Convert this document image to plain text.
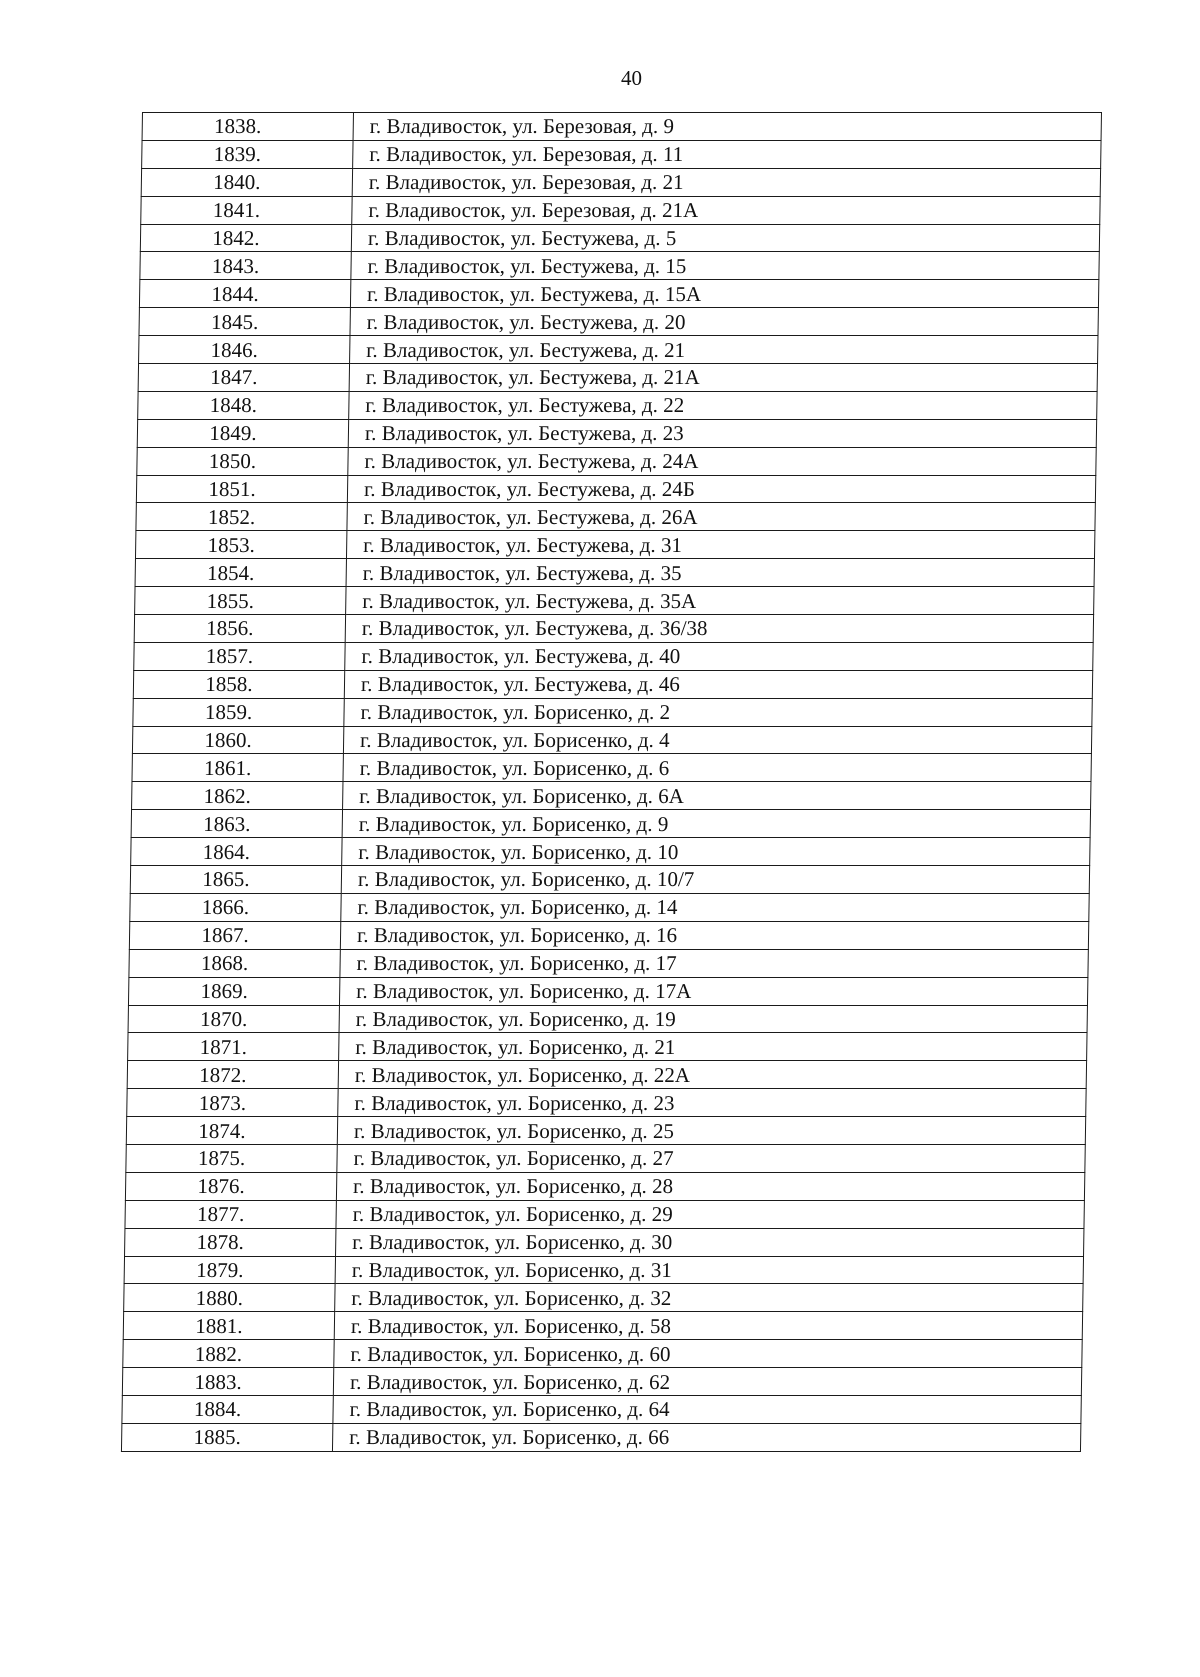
40
1838.	г. Владивосток, ул. Березовая, д. 9
1839.	г. Владивосток, ул. Березовая, д. 11
1840.	г. Владивосток, ул. Березовая, д. 21
1841.	г. Владивосток, ул. Березовая, д. 21А
1842.	г. Владивосток, ул. Бестужева, д. 5
1843.	г. Владивосток, ул. Бестужева, д. 15
1844.	г. Владивосток, ул. Бестужева, д. 15А
1845.	г. Владивосток, ул. Бестужева, д. 20
1846.	г. Владивосток, ул. Бестужева, д. 21
1847.	г. Владивосток, ул. Бестужева, д. 21А
1848.	г. Владивосток, ул. Бестужева, д. 22
1849.	г. Владивосток, ул. Бестужева, д. 23
1850.	г. Владивосток, ул. Бестужева, д. 24А
1851.	г. Владивосток, ул. Бестужева, д. 24Б
1852.	г. Владивосток, ул. Бестужева, д. 26А
1853.	г. Владивосток, ул. Бестужева, д. 31
1854.	г. Владивосток, ул. Бестужева, д. 35
1855.	г. Владивосток, ул. Бестужева, д. 35А
1856.	г. Владивосток, ул. Бестужева, д. 36/38
1857.	г. Владивосток, ул. Бестужева, д. 40
1858.	г. Владивосток, ул. Бестужева, д. 46
1859.	г. Владивосток, ул. Борисенко, д. 2
1860.	г. Владивосток, ул. Борисенко, д. 4
1861.	г. Владивосток, ул. Борисенко, д. 6
1862.	г. Владивосток, ул. Борисенко, д. 6А
1863.	г. Владивосток, ул. Борисенко, д. 9
1864.	г. Владивосток, ул. Борисенко, д. 10
1865.	г. Владивосток, ул. Борисенко, д. 10/7
1866.	г. Владивосток, ул. Борисенко, д. 14
1867.	г. Владивосток, ул. Борисенко, д. 16
1868.	г. Владивосток, ул. Борисенко, д. 17
1869.	г. Владивосток, ул. Борисенко, д. 17А
1870.	г. Владивосток, ул. Борисенко, д. 19
1871.	г. Владивосток, ул. Борисенко, д. 21
1872.	г. Владивосток, ул. Борисенко, д. 22А
1873.	г. Владивосток, ул. Борисенко, д. 23
1874.	г. Владивосток, ул. Борисенко, д. 25
1875.	г. Владивосток, ул. Борисенко, д. 27
1876.	г. Владивосток, ул. Борисенко, д. 28
1877.	г. Владивосток, ул. Борисенко, д. 29
1878.	г. Владивосток, ул. Борисенко, д. 30
1879.	г. Владивосток, ул. Борисенко, д. 31
1880.	г. Владивосток, ул. Борисенко, д. 32
1881.	г. Владивосток, ул. Борисенко, д. 58
1882.	г. Владивосток, ул. Борисенко, д. 60
1883.	г. Владивосток, ул. Борисенко, д. 62
1884.	г. Владивосток, ул. Борисенко, д. 64
1885.	г. Владивосток, ул. Борисенко, д. 66
